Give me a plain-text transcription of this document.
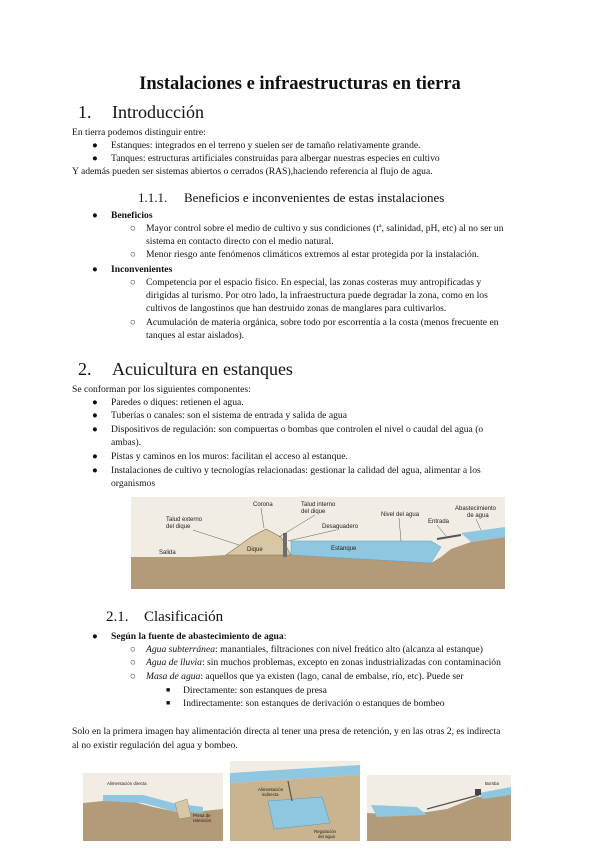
Instalaciones e infraestructuras en tierra
1. Introducción
En tierra podemos distinguir entre:
● Estanques: integrados en el terreno y suelen ser de tamaño relativamente grande.
● Tanques: estructuras artificiales construidas para albergar nuestras especies en cultivo
Y además pueden ser sistemas abiertos o cerrados (RAS),haciendo referencia al flujo de agua.
1.1.1. Beneficios e inconvenientes de estas instalaciones
● Beneficios
○ Mayor control sobre el medio de cultivo y sus condiciones (tª, salinidad, pH, etc) al no ser un
sistema en contacto directo con el medio natural.
○ Menor riesgo ante fenómenos climáticos extremos al estar protegida por la instalación.
● Inconvenientes
○ Competencia por el espacio físico. En especial, las zonas costeras muy antropificadas y
dirigidas al turismo. Por otro lado, la infraestructura puede degradar la zona, como en los
cultivos de langostinos que han destruido zonas de manglares para cultivarlos.
○ Acumulación de materia orgánica, sobre todo por escorrentía a la costa (menos frecuente en
tanques al estar aislados).
2. Acuicultura en estanques
Se conforman por los siguientes componentes:
● Paredes o diques: retienen el agua.
● Tuberías o canales: son el sistema de entrada y salida de agua
● Dispositivos de regulación: son compuertas o bombas que controlen el nivel o caudal del agua (o
ambas).
● Pistas y caminos en los muros: facilitan el acceso al estanque.
● Instalaciones de cultivo y tecnologías relacionadas: gestionar la calidad del agua, alimentar a los
organismos
Corona
Talud externo
del dique
Talud interno
del dique	Nivel del agua
Entrada
Abastecimiento
de agua
Desaguadero
Salida	Dique	Estanque
2.1. Clasificación
● Según la fuente de abastecimiento de agua:
○ Agua subterránea: manantiales, filtraciones con nivel freático alto (alcanza al estanque)
○ Agua de lluvia: sin muchos problemas, excepto en zonas industrializadas con contaminación
○ Masa de agua: aquellos que ya existen (lago, canal de embalse, río, etc). Puede ser
■ Directamente: son estanques de presa
■ Indirectamente: son estanques de derivación o estanques de bombeo
Solo en la primera imagen hay alimentación directa al tener una presa de retención, y en las otras 2, es indirecta
al no existir regulación del agua y bombeo.
Alimentación directa
Presa de
retención
Alimentación
indirecta
Regulación
del agua
Bomba
